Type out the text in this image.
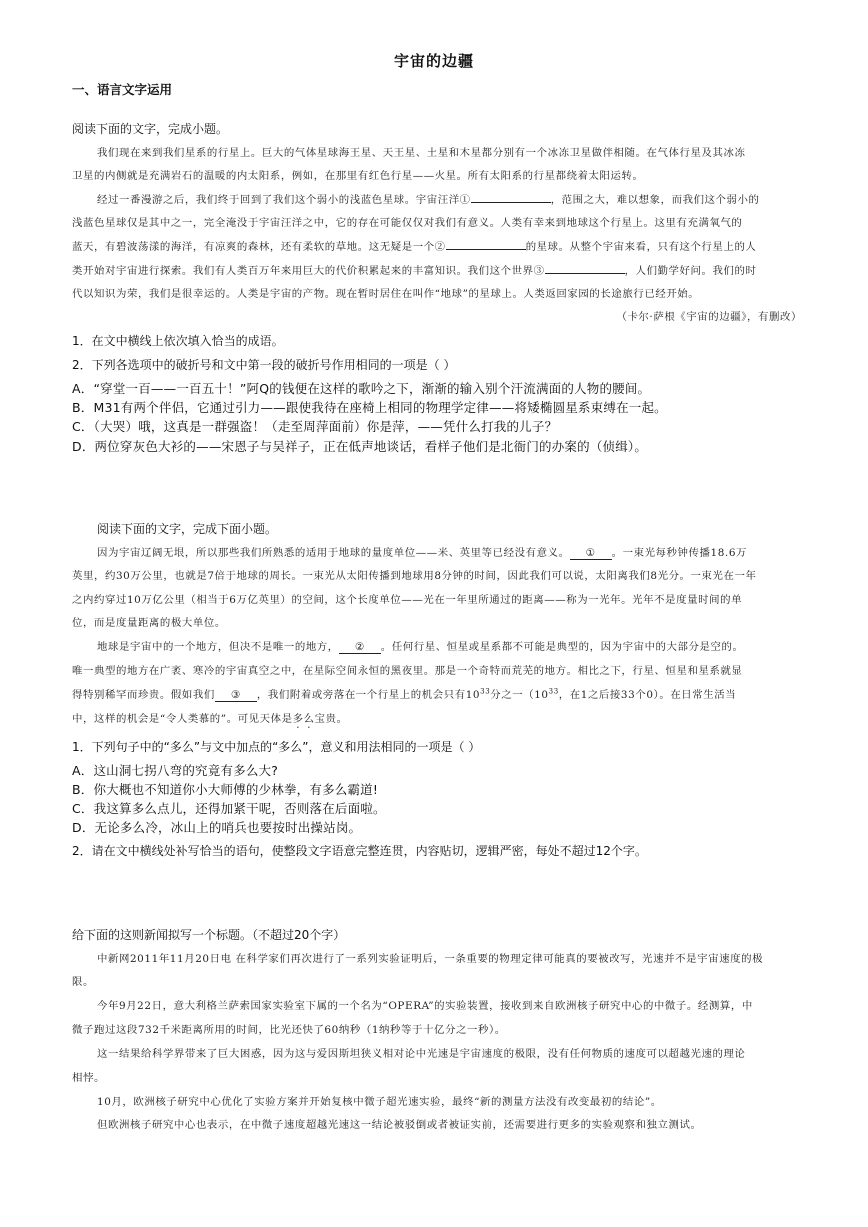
宇宙的边疆
一、语言文字运用
阅读下面的文字，完成小题。
我们现在来到我们星系的行星上。巨大的气体星球海王星、天王星、土星和木星都分别有一个冰冻卫星做伴相随。在气体行星及其冰冻
卫星的内侧就是充满岩石的温暖的内太阳系，例如，在那里有红色行星——火星。所有太阳系的行星都绕着太阳运转。
经过一番漫游之后，我们终于回到了我们这个弱小的浅蓝色星球。宇宙汪洋①	，范围之大，难以想象，而我们这个弱小的
浅蓝色星球仅是其中之一，完全淹没于宇宙汪洋之中，它的存在可能仅仅对我们有意义。人类有幸来到地球这个行星上。这里有充满氧气的
蓝天，有碧波荡漾的海洋，有凉爽的森林，还有柔软的草地。这无疑是一个②	的星球。从整个宇宙来看，只有这个行星上的人
类开始对宇宙进行探索。我们有人类百万年来用巨大的代价积累起来的丰富知识。我们这个世界③	，人们勤学好问。我们的时
代以知识为荣，我们是很幸运的。人类是宇宙的产物。现在暂时居住在叫作“地球”的星球上。人类返回家园的长途旅行已经开始。
（卡尔·萨根《宇宙的边疆》，有删改）
1．在文中横线上依次填入恰当的成语。
2．下列各选项中的破折号和文中第一段的破折号作用相同的一项是（ ）
A．“穿堂一百——一百五十！”阿Q的钱便在这样的歌吟之下，渐渐的输入别个汗流满面的人物的腰间。
B．M31有两个伴侣，它通过引力——跟使我待在座椅上相同的物理学定律——将矮椭圆星系束缚在一起。
C．（大哭）哦，这真是一群强盗！（走至周萍面前）你是萍，——凭什么打我的儿子？
D．两位穿灰色大衫的——宋恩子与吴祥子，正在低声地谈话，看样子他们是北衙门的办案的（侦缉）。
阅读下面的文字，完成下面小题。
因为宇宙辽阔无垠，所以那些我们所熟悉的适用于地球的量度单位——米、英里等已经没有意义。 ① 。一束光每秒钟传播18.6万
英里，约30万公里，也就是7倍于地球的周长。一束光从太阳传播到地球用8分钟的时间，因此我们可以说，太阳离我们8光分。一束光在一年
之内约穿过10万亿公里（相当于6万亿英里）的空间，这个长度单位——光在一年里所通过的距离——称为一光年。光年不是度量时间的单
位，而是度量距离的极大单位。
地球是宇宙中的一个地方，但决不是唯一的地方， ② 。任何行星、恒星或星系都不可能是典型的，因为宇宙中的大部分是空的。
唯一典型的地方在广袤、寒冷的宇宙真空之中，在星际空间永恒的黑夜里。那是一个奇特而荒芜的地方。相比之下，行星、恒星和星系就显
得特别稀罕而珍贵。假如我们 ③ ，我们附着或旁落在一个行星上的机会只有$10^{33}$分之一（$10^{33}$，在1之后接33个0）。在日常生活当
中，这样的机会是“令人类慕的”。可见天体是多么宝贵。
1．下列句子中的“多么”与文中加点的“多么”，意义和用法相同的一项是（ ）
A．这山洞七拐八弯的究竟有多么大?
B．你大概也不知道你小大师傅的少林拳，有多么霸道!
C．我这算多么点儿，还得加紧干呢，否则落在后面啦。
D．无论多么冷，冰山上的哨兵也要按时出操站岗。
2．请在文中横线处补写恰当的语句，使整段文字语意完整连贯，内容贴切，逻辑严密，每处不超过12个字。
给下面的这则新闻拟写一个标题。（不超过20个字）
中新网2011年11月20日电 在科学家们再次进行了一系列实验证明后，一条重要的物理定律可能真的要被改写，光速并不是宇宙速度的极
限。
今年9月22日，意大利格兰萨索国家实验室下属的一个名为“OPERA”的实验装置，接收到来自欧洲核子研究中心的中微子。经测算，中
微子跑过这段732千米距离所用的时间，比光还快了60纳秒（1纳秒等于十亿分之一秒）。
这一结果给科学界带来了巨大困惑，因为这与爱因斯坦狭义相对论中光速是宇宙速度的极限，没有任何物质的速度可以超越光速的理论
相悖。
10月，欧洲核子研究中心优化了实验方案并开始复核中微子超光速实验，最终“新的测量方法没有改变最初的结论”。
但欧洲核子研究中心也表示，在中微子速度超越光速这一结论被驳倒或者被证实前，还需要进行更多的实验观察和独立测试。
